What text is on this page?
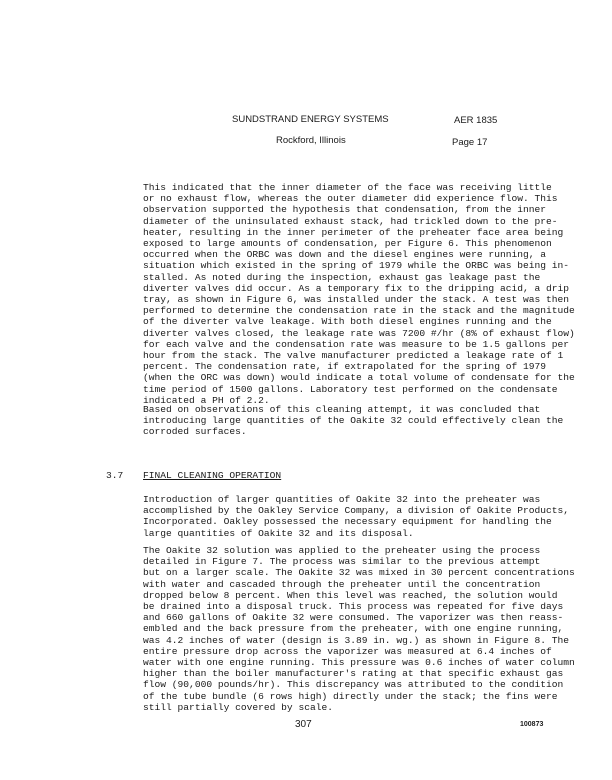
SUNDSTRAND ENERGY SYSTEMS
Rockford, Illinois
AER 1835
Page 17
This indicated that the inner diameter of the face was receiving little
or no exhaust flow, whereas the outer diameter did experience flow. This
observation supported the hypothesis that condensation, from the inner
diameter of the uninsulated exhaust stack, had trickled down to the pre-
heater, resulting in the inner perimeter of the preheater face area being
exposed to large amounts of condensation, per Figure 6. This phenomenon
occurred when the ORBC was down and the diesel engines were running, a
situation which existed in the spring of 1979 while the ORBC was being in-
stalled. As noted during the inspection, exhaust gas leakage past the
diverter valves did occur. As a temporary fix to the dripping acid, a drip
tray, as shown in Figure 6, was installed under the stack. A test was then
performed to determine the condensation rate in the stack and the magnitude
of the diverter valve leakage. With both diesel engines running and the
diverter valves closed, the leakage rate was 7200 #/hr (8% of exhaust flow)
for each valve and the condensation rate was measure to be 1.5 gallons per
hour from the stack. The valve manufacturer predicted a leakage rate of 1
percent. The condensation rate, if extrapolated for the spring of 1979
(when the ORC was down) would indicate a total volume of condensate for the
time period of 1500 gallons. Laboratory test performed on the condensate
indicated a PH of 2.2.
Based on observations of this cleaning attempt, it was concluded that
introducing large quantities of the Oakite 32 could effectively clean the
corroded surfaces.
3.7 FINAL CLEANING OPERATION
Introduction of larger quantities of Oakite 32 into the preheater was
accomplished by the Oakley Service Company, a division of Oakite Products,
Incorporated. Oakley possessed the necessary equipment for handling the
large quantities of Oakite 32 and its disposal.
The Oakite 32 solution was applied to the preheater using the process
detailed in Figure 7. The process was similar to the previous attempt
but on a larger scale. The Oakite 32 was mixed in 30 percent concentrations
with water and cascaded through the preheater until the concentration
dropped below 8 percent. When this level was reached, the solution would
be drained into a disposal truck. This process was repeated for five days
and 660 gallons of Oakite 32 were consumed. The vaporizer was then reass-
embled and the back pressure from the preheater, with one engine running,
was 4.2 inches of water (design is 3.89 in. wg.) as shown in Figure 8. The
entire pressure drop across the vaporizer was measured at 6.4 inches of
water with one engine running. This pressure was 0.6 inches of water column
higher than the boiler manufacturer's rating at that specific exhaust gas
flow (90,000 pounds/hr). This discrepancy was attributed to the condition
of the tube bundle (6 rows high) directly under the stack; the fins were
still partially covered by scale.
307	100873
